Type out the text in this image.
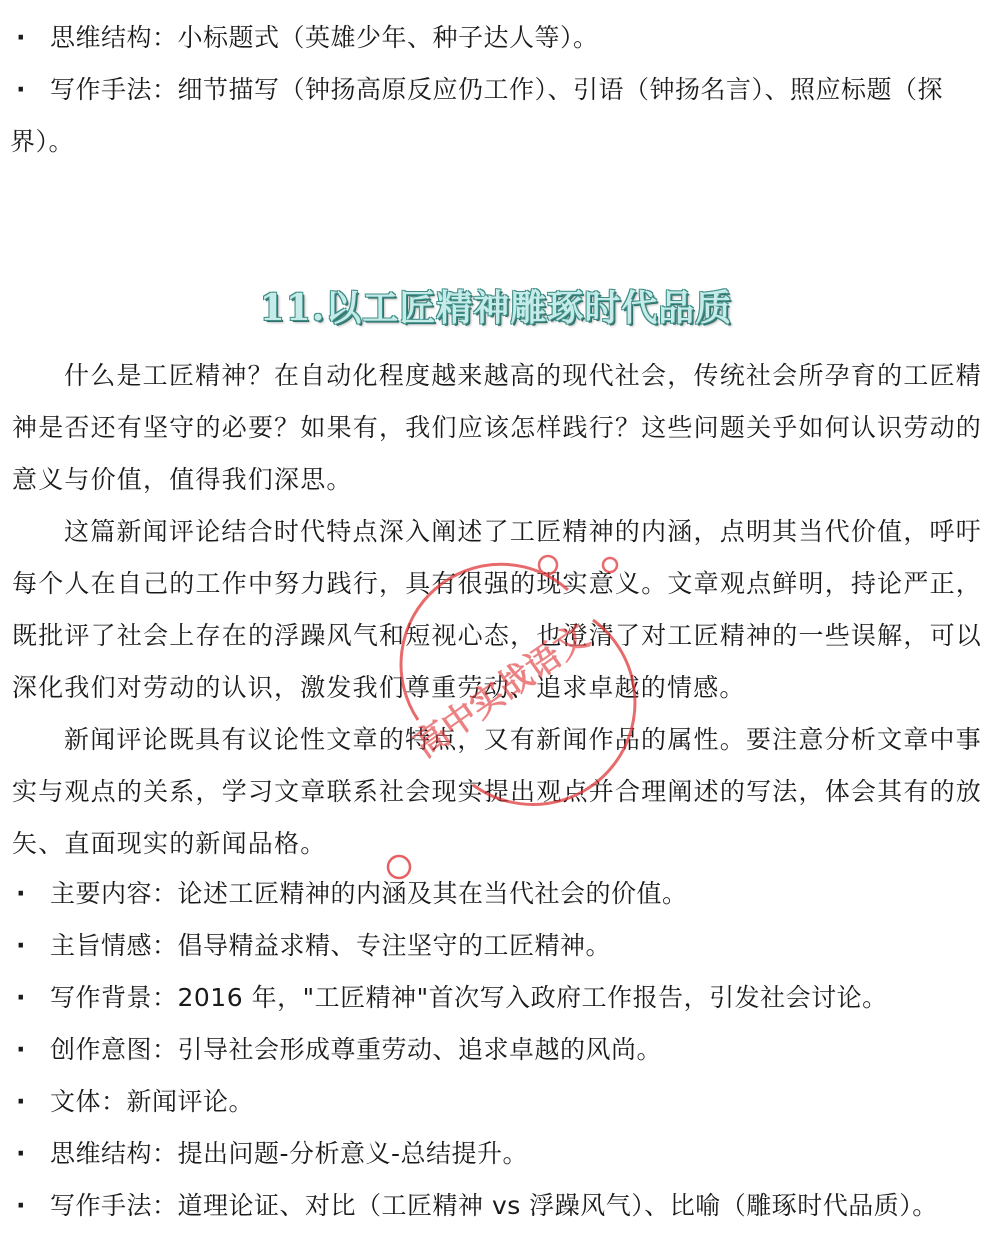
· 思维结构：小标题式（英雄少年、种子达人等）。
· 写作手法：细节描写（钟扬高原反应仍工作）、引语（钟扬名言）、照应标题（探
界）。
11.以工匠精神雕琢时代品质

什么是工匠精神？在自动化程度越来越高的现代社会，传统社会所孕育的工匠精神是否还有坚守的必要？如果有，我们应该怎样践行？这些问题关乎如何认识劳动的意义与价值，值得我们深思。

这篇新闻评论结合时代特点深入阐述了工匠精神的内涵，点明其当代价值，呼吁每个人在自己的工作中努力践行，具有很强的现实意义。文章观点鲜明，持论严正，既批评了社会上存在的浮躁风气和短视心态，也澄清了对工匠精神的一些误解，可以深化我们对劳动的认识，激发我们尊重劳动、追求卓越的情感。

新闻评论既具有议论性文章的特点，又有新闻作品的属性。要注意分析文章中事实与观点的关系，学习文章联系社会现实提出观点并合理阐述的写法，体会其有的放矢、直面现实的新闻品格。

· 主要内容：论述工匠精神的内涵及其在当代社会的价值。
· 主旨情感：倡导精益求精、专注坚守的工匠精神。
· 写作背景：2016 年，"工匠精神"首次写入政府工作报告，引发社会讨论。
· 创作意图：引导社会形成尊重劳动、追求卓越的风尚。
· 文体：新闻评论。
· 思维结构：提出问题-分析意义-总结提升。
· 写作手法：道理论证、对比（工匠精神 vs 浮躁风气）、比喻（雕琢时代品质）。
高中实战语文
